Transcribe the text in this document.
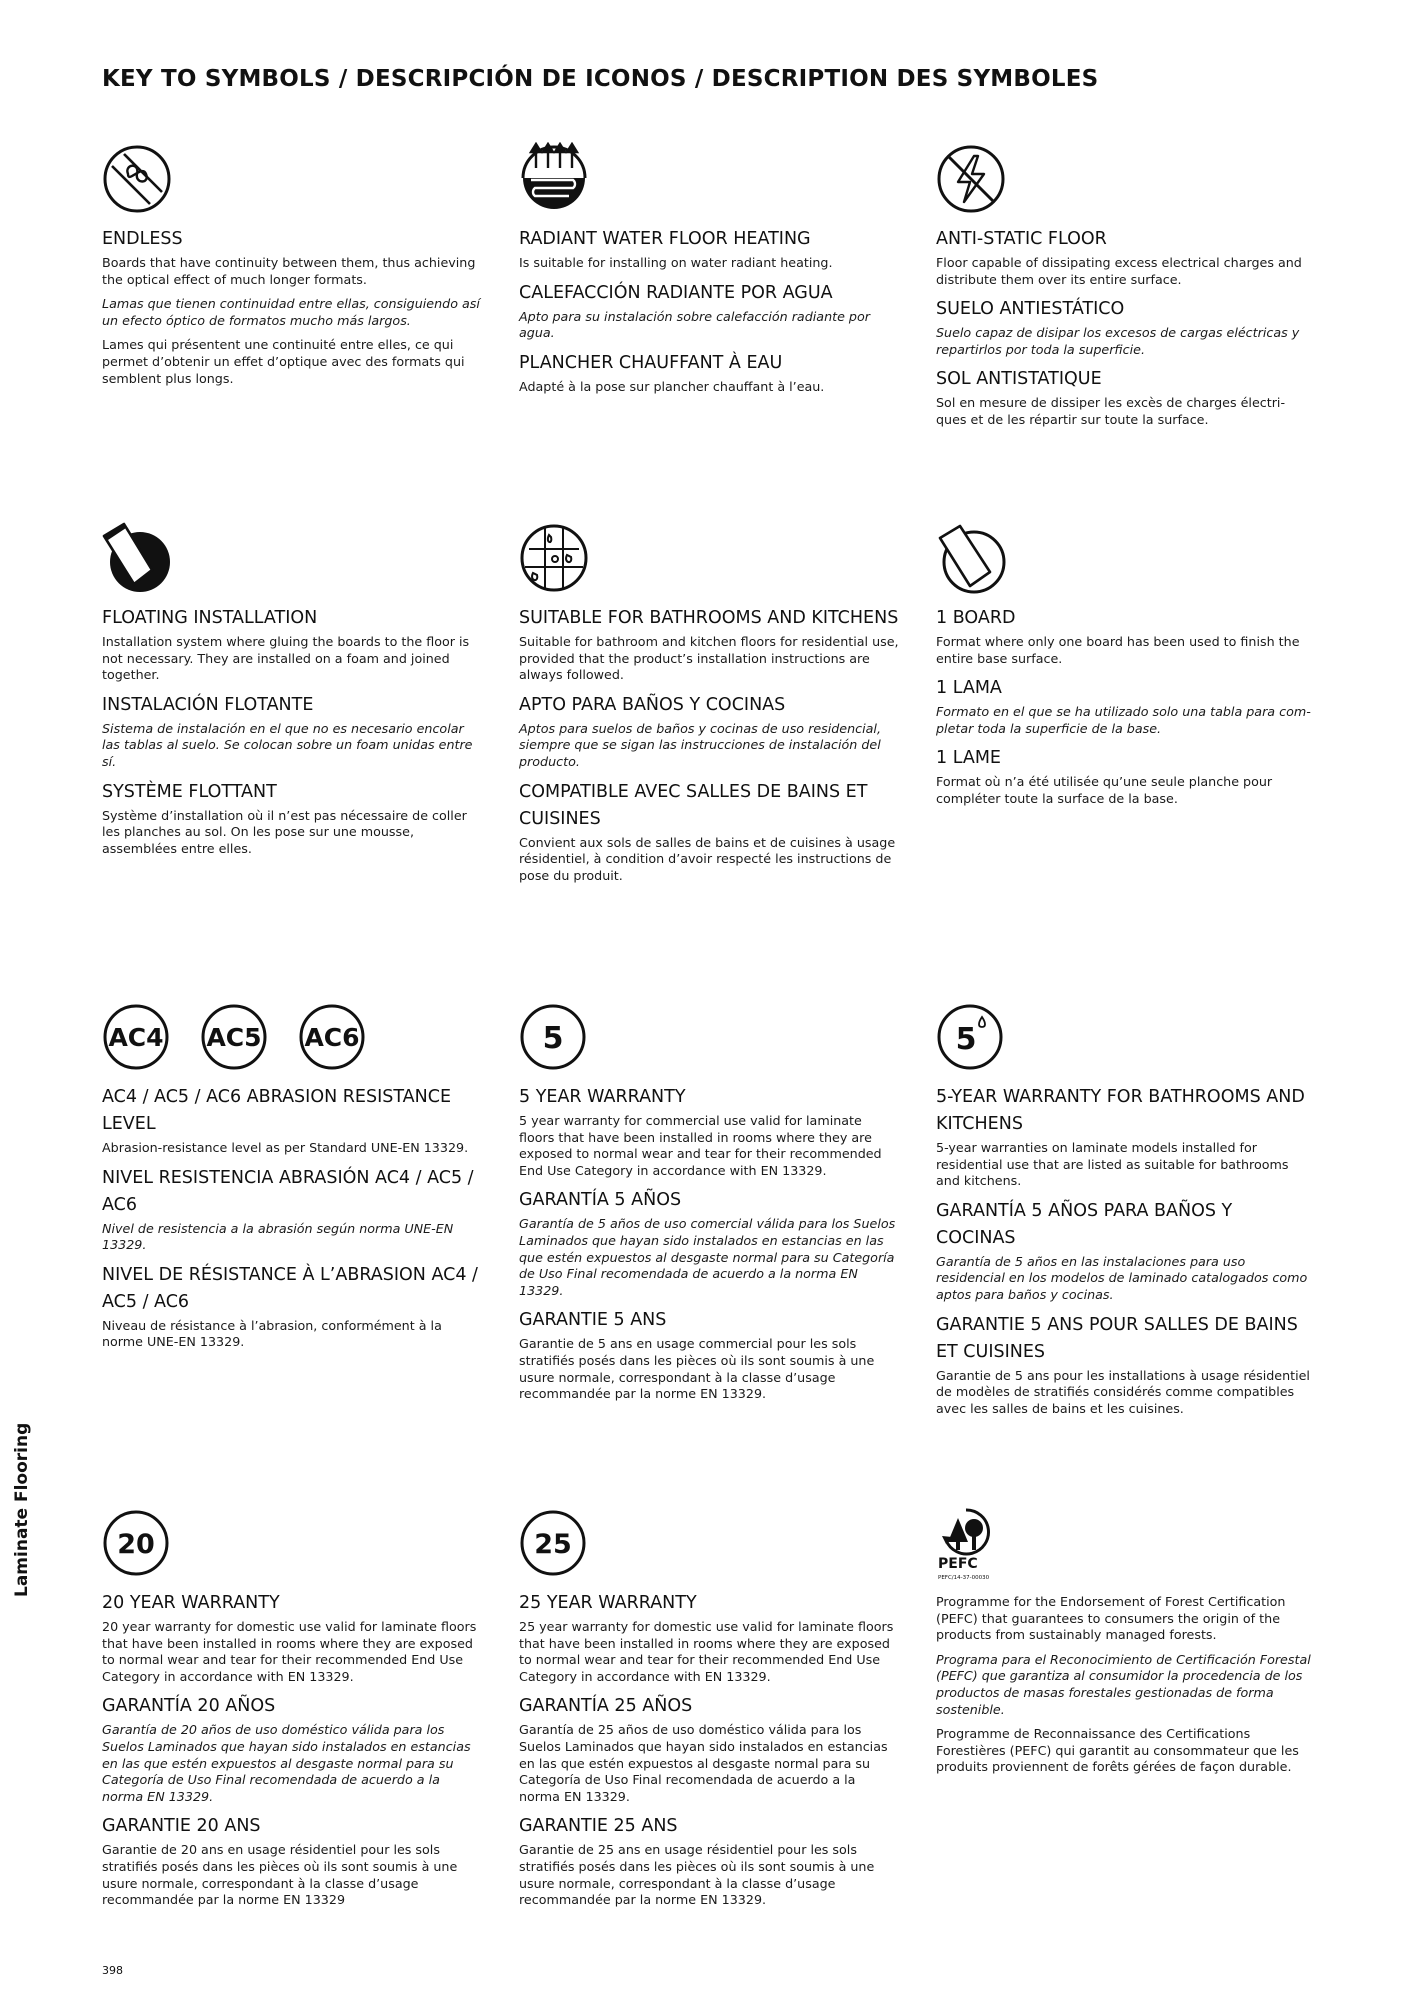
KEY TO SYMBOLS / DESCRIPCIÓN DE ICONOS / DESCRIPTION DES SYMBOLES

ENDLESS

Boards that have continuity between them, thus achieving the optical effect of much longer formats.

Lamas que tienen continuidad entre ellas, consiguiendo así un efecto óptico de formatos mucho más largos.

Lames qui présentent une continuité entre elles, ce qui permet d’obtenir un effet d’optique avec des formats qui semblent plus longs.

RADIANT WATER FLOOR HEATING

Is suitable for installing on water radiant heating.

CALEFACCIÓN RADIANTE POR AGUA

Apto para su instalación sobre calefacción radiante por agua.

PLANCHER CHAUFFANT À EAU

Adapté à la pose sur plancher chauffant à l’eau.

ANTI-STATIC FLOOR

Floor capable of dissipating excess electrical charges and distribute them over its entire surface.

SUELO ANTIESTÁTICO

Suelo capaz de disipar los excesos de cargas eléctricas y repartirlos por toda la superficie.

SOL ANTISTATIQUE

Sol en mesure de dissiper les excès de charges électri- ques et de les répartir sur toute la surface.

FLOATING INSTALLATION

Installation system where gluing the boards to the floor is not necessary. They are installed on a foam and joined together.

INSTALACIÓN FLOTANTE

Sistema de instalación en el que no es necesario encolar las tablas al suelo. Se colocan sobre un foam unidas entre sí.

SYSTÈME FLOTTANT

Système d’installation où il n’est pas nécessaire de coller les planches au sol. On les pose sur une mousse, assemblées entre elles.

SUITABLE FOR BATHROOMS AND KITCHENS

Suitable for bathroom and kitchen floors for residential use, provided that the product’s installation instructions are always followed.

APTO PARA BAÑOS Y COCINAS

Aptos para suelos de baños y cocinas de uso residencial, siempre que se sigan las instrucciones de instalación del producto.

COMPATIBLE AVEC SALLES DE BAINS ET CUISINES

Convient aux sols de salles de bains et de cuisines à usage résidentiel, à condition d’avoir respecté les instructions de pose du produit.

1 BOARD

Format where only one board has been used to finish the entire base surface.

1 LAMA

Formato en el que se ha utilizado solo una tabla para com- pletar toda la superficie de la base.

1 LAME

Format où n’a été utilisée qu’une seule planche pour compléter toute la surface de la base.

AC4 AC5 AC6

AC4 / AC5 / AC6 ABRASION RESISTANCE LEVEL

Abrasion-resistance level as per Standard UNE-EN 13329.

NIVEL RESISTENCIA ABRASIÓN AC4 / AC5 / AC6

Nivel de resistencia a la abrasión según norma UNE-EN 13329.

NIVEL DE RÉSISTANCE À L’ABRASION AC4 / AC5 / AC6

Niveau de résistance à l’abrasion, conformément à la norme UNE-EN 13329.

5

5 YEAR WARRANTY

5 year warranty for commercial use valid for laminate floors that have been installed in rooms where they are exposed to normal wear and tear for their recommended End Use Category in accordance with EN 13329.

GARANTÍA 5 AÑOS

Garantía de 5 años de uso comercial válida para los Suelos Laminados que hayan sido instalados en estancias en las que estén expuestos al desgaste normal para su Categoría de Uso Final recomendada de acuerdo a la norma EN 13329.

GARANTIE 5 ANS

Garantie de 5 ans en usage commercial pour les sols stratifiés posés dans les pièces où ils sont soumis à une usure normale, correspondant à la classe d’usage recommandée par la norme EN 13329.

5

5-YEAR WARRANTY FOR BATHROOMS AND KITCHENS

5-year warranties on laminate models installed for residential use that are listed as suitable for bathrooms and kitchens.

GARANTÍA 5 AÑOS PARA BAÑOS Y COCINAS

Garantía de 5 años en las instalaciones para uso residencial en los modelos de laminado catalogados como aptos para baños y cocinas.

GARANTIE 5 ANS POUR SALLES DE BAINS ET CUISINES

Garantie de 5 ans pour les installations à usage résidentiel de modèles de stratifiés considérés comme compatibles avec les salles de bains et les cuisines.

20

20 YEAR WARRANTY

20 year warranty for domestic use valid for laminate floors that have been installed in rooms where they are exposed to normal wear and tear for their recommended End Use Category in accordance with EN 13329.

GARANTÍA 20 AÑOS

Garantía de 20 años de uso doméstico válida para los Suelos Laminados que hayan sido instalados en estancias en las que estén expuestos al desgaste normal para su Categoría de Uso Final recomendada de acuerdo a la norma EN 13329.

GARANTIE 20 ANS

Garantie de 20 ans en usage résidentiel pour les sols stratifiés posés dans les pièces où ils sont soumis à une usure normale, correspondant à la classe d’usage recommandée par la norme EN 13329

25

25 YEAR WARRANTY

25 year warranty for domestic use valid for laminate floors that have been installed in rooms where they are exposed to normal wear and tear for their recommended End Use Category in accordance with EN 13329.

GARANTÍA 25 AÑOS

Garantía de 25 años de uso doméstico válida para los Suelos Laminados que hayan sido instalados en estancias en las que estén expuestos al desgaste normal para su Categoría de Uso Final recomendada de acuerdo a la norma EN 13329.

GARANTIE 25 ANS

Garantie de 25 ans en usage résidentiel pour les sols stratifiés posés dans les pièces où ils sont soumis à une usure normale, correspondant à la classe d’usage recommandée par la norme EN 13329.

PEFC
PEFC/14-37-00030

Programme for the Endorsement of Forest Certification (PEFC) that guarantees to consumers the origin of the products from sustainably managed forests.

Programa para el Reconocimiento de Certificación Forestal (PEFC) que garantiza al consumidor la procedencia de los productos de masas forestales gestionadas de forma sostenible.

Programme de Reconnaissance des Certifications Forestières (PEFC) qui garantit au consommateur que les produits proviennent de forêts gérées de façon durable.

Laminate Flooring
398
